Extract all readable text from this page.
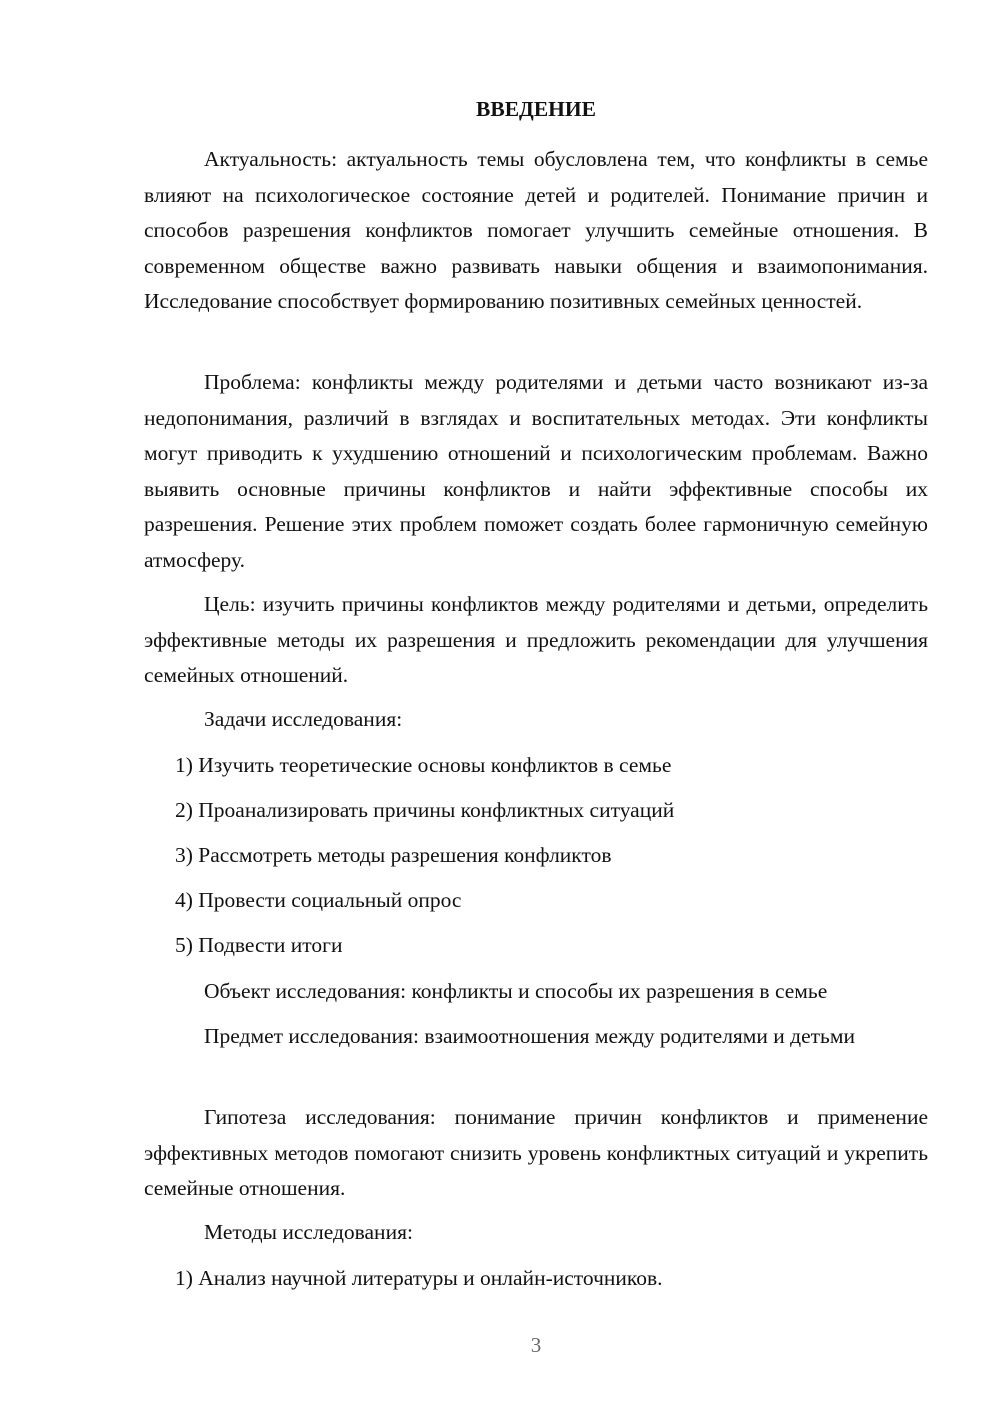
ВВЕДЕНИЕ

Актуальность: актуальность темы обусловлена тем, что конфликты в семье влияют на психологическое состояние детей и родителей. Понимание причин и способов разрешения конфликтов помогает улучшить семейные отношения. В современном обществе важно развивать навыки общения и взаимопонимания. Исследование способствует формированию позитивных семейных ценностей.

Проблема: конфликты между родителями и детьми часто возникают из-за недопонимания, различий в взглядах и воспитательных методах. Эти конфликты могут приводить к ухудшению отношений и психологическим проблемам. Важно выявить основные причины конфликтов и найти эффективные способы их разрешения. Решение этих проблем поможет создать более гармоничную семейную атмосферу.

Цель: изучить причины конфликтов между родителями и детьми, определить эффективные методы их разрешения и предложить рекомендации для улучшения семейных отношений.

Задачи исследования:

1) Изучить теоретические основы конфликтов в семье

2) Проанализировать причины конфликтных ситуаций

3) Рассмотреть методы разрешения конфликтов

4) Провести социальный опрос

5) Подвести итоги

Объект исследования: конфликты и способы их разрешения в семье

Предмет исследования: взаимоотношения между родителями и детьми

Гипотеза исследования: понимание причин конфликтов и применение эффективных методов помогают снизить уровень конфликтных ситуаций и укрепить семейные отношения.

Методы исследования:

1) Анализ научной литературы и онлайн-источников.

3
